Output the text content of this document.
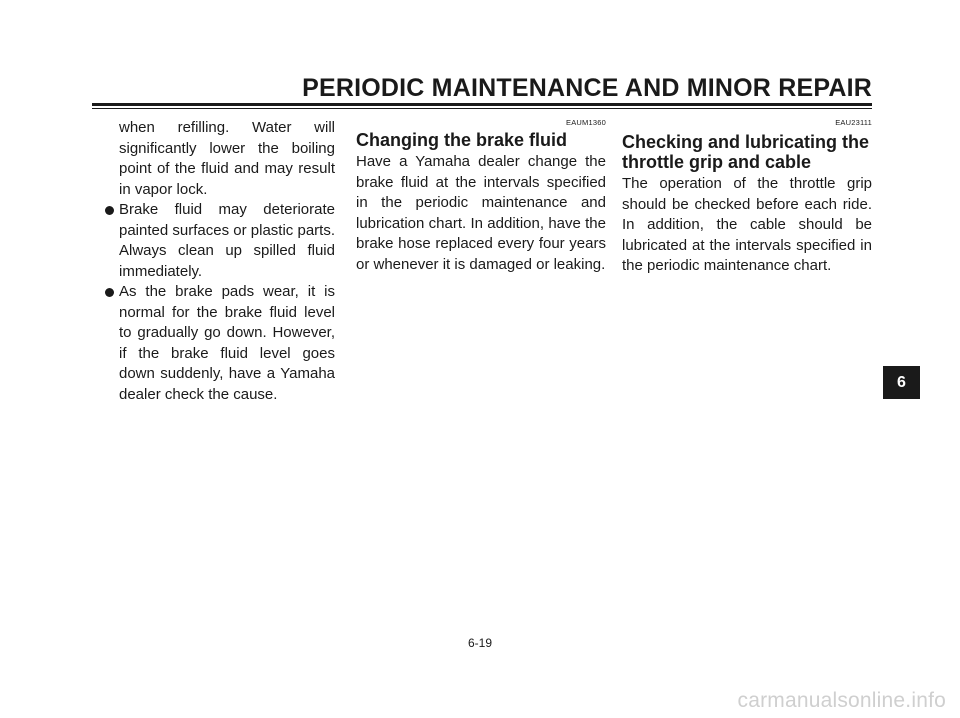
PERIODIC MAINTENANCE AND MINOR REPAIR
when refilling. Water will significantly lower the boiling point of the fluid and may result in vapor lock.
Brake fluid may deteriorate painted surfaces or plastic parts. Always clean up spilled fluid immediately.
As the brake pads wear, it is normal for the brake fluid level to gradually go down. However, if the brake fluid level goes down suddenly, have a Yamaha dealer check the cause.
EAUM1360
Changing the brake fluid
Have a Yamaha dealer change the brake fluid at the intervals specified in the periodic maintenance and lubrication chart. In addition, have the brake hose replaced every four years or whenever it is damaged or leaking.
EAU23111
Checking and lubricating the throttle grip and cable
The operation of the throttle grip should be checked before each ride. In addition, the cable should be lubricated at the intervals specified in the periodic maintenance chart.
6
6-19
carmanualsonline.info
